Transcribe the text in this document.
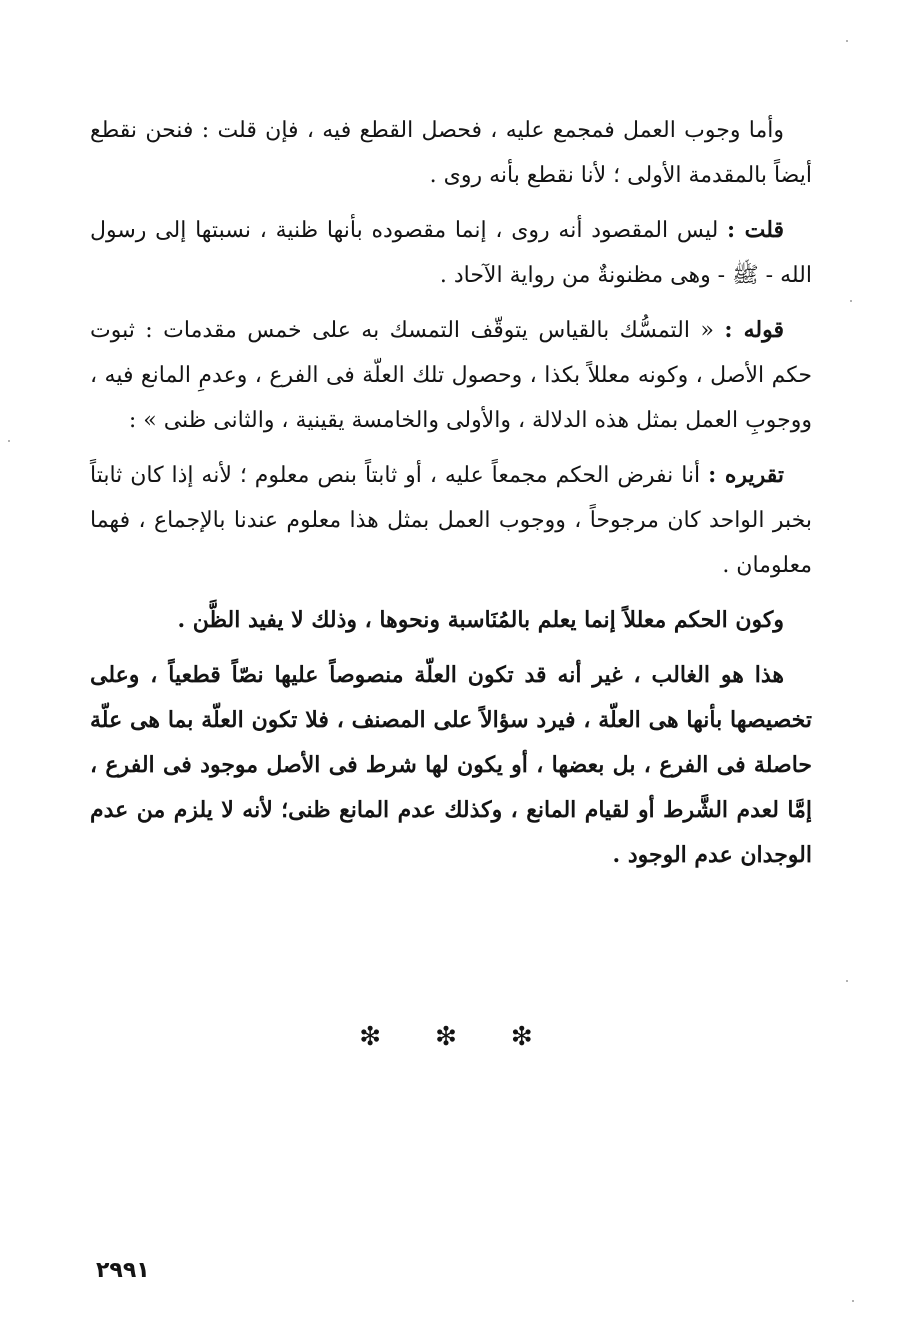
وأما وجوب العمل فمجمع عليه ، فحصل القطع فيه ، فإن قلت : فنحن نقطع أيضاً بالمقدمة الأولى ؛ لأنا نقطع بأنه روى .

قلت : ليس المقصود أنه روى ، إنما مقصوده بأنها ظنية ، نسبتها إلى رسول الله - ﷺ - وهى مظنونةٌ من رواية الآحاد .

قوله : « التمسُّك بالقياس يتوقّف التمسك به على خمس مقدمات : ثبوت حكم الأصل ، وكونه معللاً بكذا ، وحصول تلك العلّة فى الفرع ، وعدمِ المانع فيه ، ووجوبِ العمل بمثل هذه الدلالة ، والأولى والخامسة يقينية ، والثانى ظنى » :

تقريره : أنا نفرض الحكم مجمعاً عليه ، أو ثابتاً بنص معلوم ؛ لأنه إذا كان ثابتاً بخبر الواحد كان مرجوحاً ، ووجوب العمل بمثل هذا معلوم عندنا بالإجماع ، فهما معلومان .

وكون الحكم معللاً إنما يعلم بالمُنَاسبة ونحوها ، وذلك لا يفيد الظَّن .

هذا هو الغالب ، غير أنه قد تكون العلّة منصوصاً عليها نصّاً قطعياً ، وعلى تخصيصها بأنها هى العلّة ، فيرد سؤالاً على المصنف ، فلا تكون العلّة بما هى علّة حاصلة فى الفرع ، بل بعضها ، أو يكون لها شرط فى الأصل موجود فى الفرع ، إمَّا لعدم الشَّرط أو لقيام المانع ، وكذلك عدم المانع ظنى؛ لأنه لا يلزم من عدم الوجدان عدم الوجود .

❇ ❇ ❇
٢٩٩١
